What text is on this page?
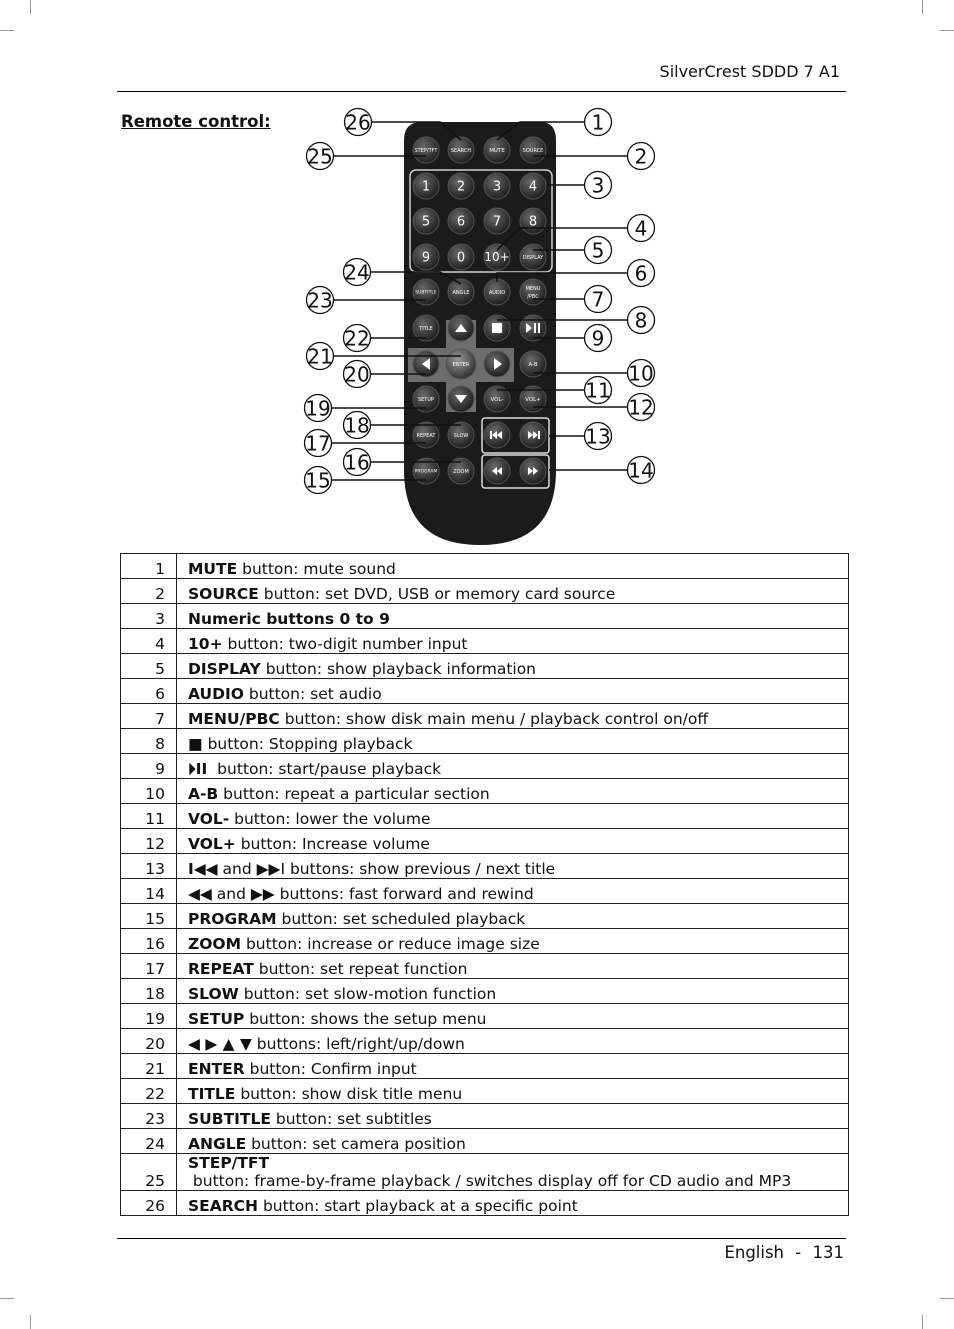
SilverCrest SDDD 7 A1
Remote control:
STEP/TFT	SEARCH	MUTE	SOURCE
1 2 3 4
5 6 7 8
9 0 10+	DISPLAY
SUBTITLE	ANGLE	AUDIO
MENU
/PBC
TITLE
ENTER	A-B
SETUP	VOL-	VOL+
REPEAT	SLOW
PROGRAM	ZOOM
1
2
3
4
5
6
7
8
9
10
11
12
13
14
15
16
17
18
19
20
21
22
23
24
25
26
1	MUTE button: mute sound
2	SOURCE button: set DVD, USB or memory card source
3	Numeric buttons 0 to 9
4	10+ button: two-digit number input
5	DISPLAY button: show playback information
6	AUDIO button: set audio
7	MENU/PBC button: show disk main menu / playback control on/off
8	■ button: Stopping playback
9	⏵II  button: start/pause playback
10	A-B button: repeat a particular section
11	VOL- button: lower the volume
12	VOL+ button: Increase volume
13	I◀◀ and ▶▶I buttons: show previous / next title
14	◀◀ and ▶▶ buttons: fast forward and rewind
15	PROGRAM button: set scheduled playback
16	ZOOM button: increase or reduce image size
17	REPEAT button: set repeat function
18	SLOW button: set slow-motion function
19	SETUP button: shows the setup menu
20	◀ ▶ ▲ ▼ buttons: left/right/up/down
21	ENTER button: Confirm input
22	TITLE button: show disk title menu
23	SUBTITLE button: set subtitles
24	ANGLE button: set camera position
25	STEP/TFT button: frame-by-frame playback / switches display off for CD audio and MP3
26	SEARCH button: start playback at a specific point
English - 131
